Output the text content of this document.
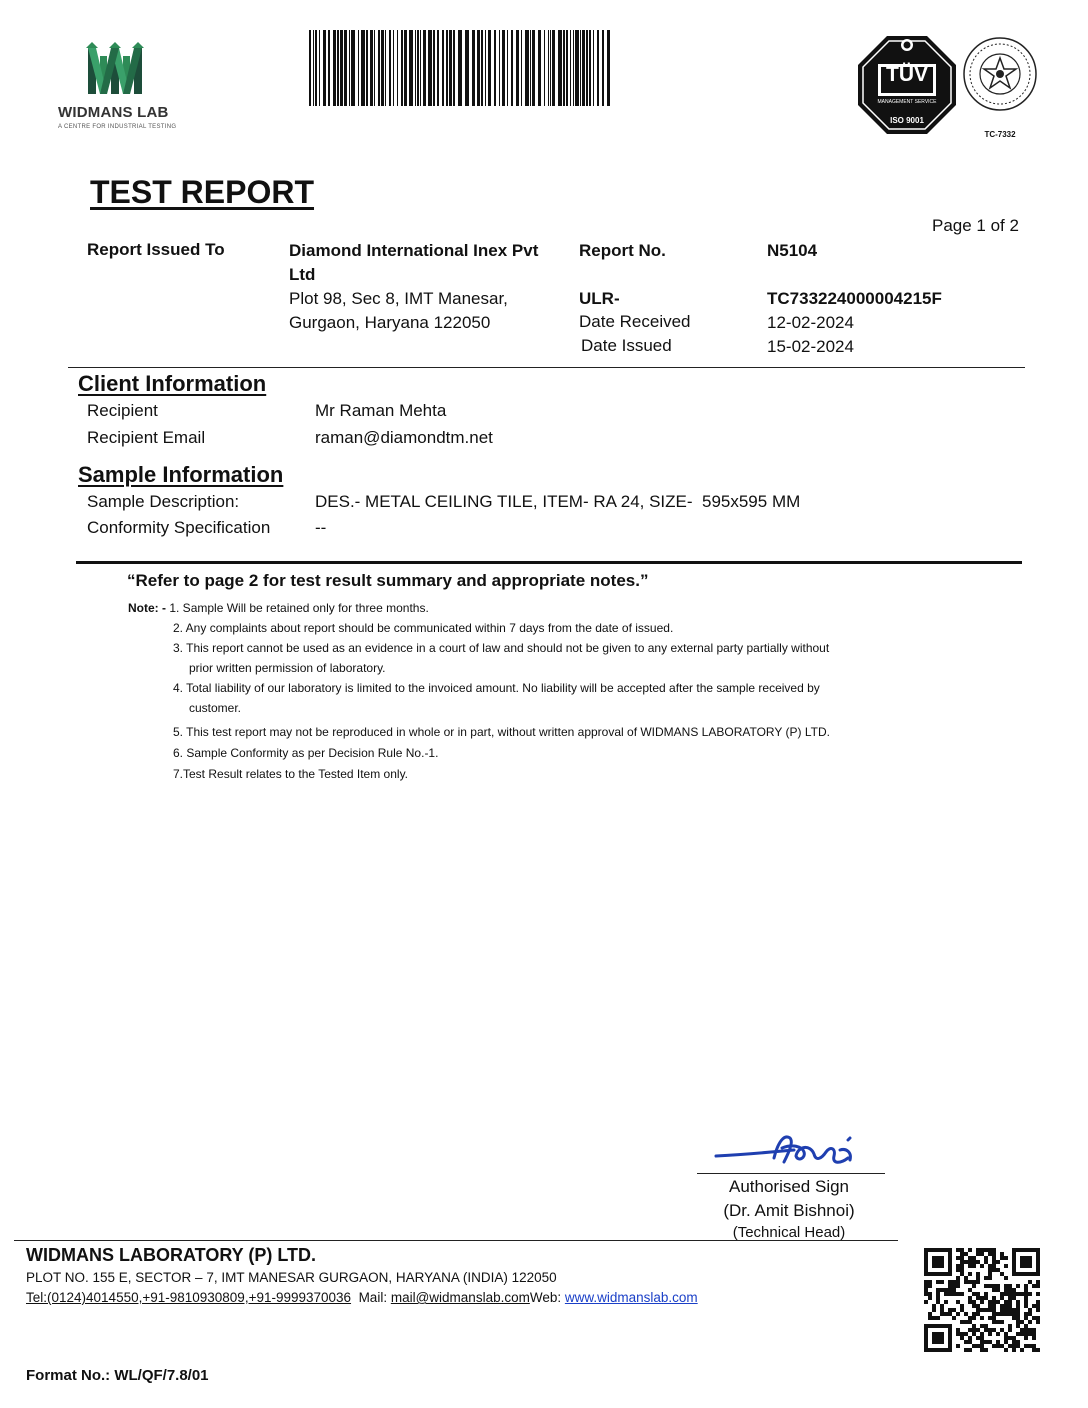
WIDMANS LAB
A CENTRE FOR INDUSTRIAL TESTING
TÜV
MANAGEMENT SERVICE
ISO 9001
TC-7332
TEST REPORT
Page 1 of 2
Report Issued To	Diamond International Inex Pvt
Ltd
Plot 98, Sec 8, IMT Manesar,
Gurgaon, Haryana 122050
Report No.	N5104
ULR-	TC733224000004215F
Date Received	12-02-2024
Date Issued	15-02-2024
Client Information
Recipient	Mr Raman Mehta
Recipient Email	raman@diamondtm.net
Sample Information
Sample Description:	DES.- METAL CEILING TILE, ITEM- RA 24, SIZE-  595x595 MM
Conformity Specification	--
“Refer to page 2 for test result summary and appropriate notes.”
Note: - 1. Sample Will be retained only for three months.
2. Any complaints about report should be communicated within 7 days from the date of issued.
3. This report cannot be used as an evidence in a court of law and should not be given to any external party partially without
prior written permission of laboratory.
4. Total liability of our laboratory is limited to the invoiced amount. No liability will be accepted after the sample received by
customer.
5. This test report may not be reproduced in whole or in part, without written approval of WIDMANS LABORATORY (P) LTD.
6. Sample Conformity as per Decision Rule No.-1.
7.Test Result relates to the Tested Item only.
Authorised Sign
(Dr. Amit Bishnoi)
(Technical Head)
WIDMANS LABORATORY (P) LTD.
PLOT NO. 155 E, SECTOR – 7, IMT MANESAR GURGAON, HARYANA (INDIA) 122050
Tel:(0124)4014550,+91-9810930809,+91-9999370036 Mail: mail@widmanslab.comWeb: www.widmanslab.com
Format No.: WL/QF/7.8/01
